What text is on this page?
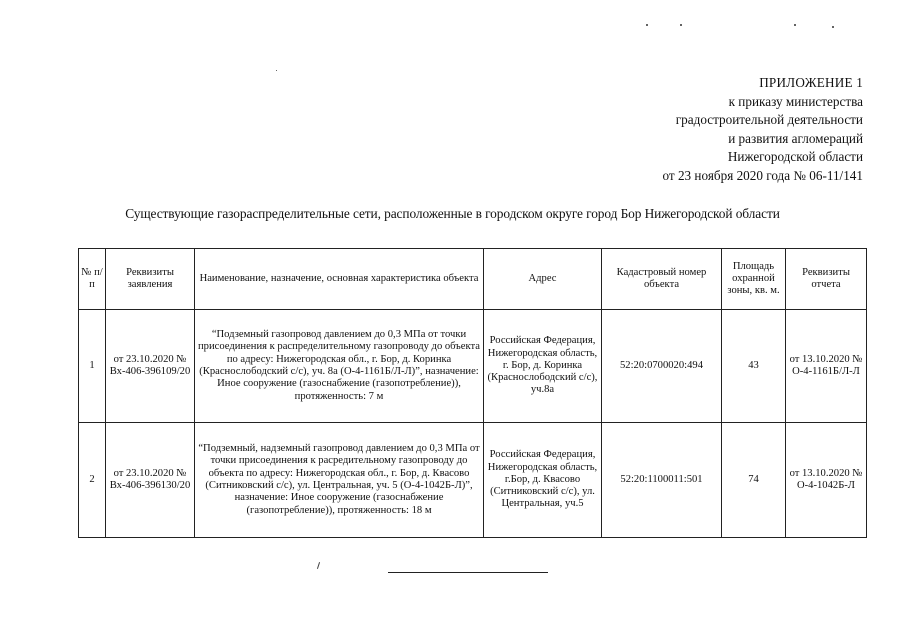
ПРИЛОЖЕНИЕ 1
к приказу министерства
градостроительной деятельности
и развития агломераций
Нижегородской области
от 23 ноября 2020 года № 06-11/141
Существующие газораспределительные сети, расположенные в городском округе город Бор Нижегородской области
№ п/п	Реквизиты заявления	Наименование, назначение, основная характеристика объекта	Адрес	Кадастровый номер объекта	Площадь охранной зоны, кв. м.	Реквизиты отчета
1	от 23.10.2020 № Вх-406-396109/20	“Подземный газопровод давлением до 0,3 МПа от точки присоединения к распределительному газопроводу до объекта по адресу: Нижегородская обл., г. Бор, д. Коринка (Краснослободский с/с), уч. 8а (О-4-1161Б/Л-Л)”, назначение: Иное сооружение (газоснабжение (газопотребление)), протяженность: 7 м	Российская Федерация, Нижегородская область, г. Бор, д. Коринка (Краснослободский с/с), уч.8а	52:20:0700020:494	43	от 13.10.2020 № О-4-1161Б/Л-Л
2	от 23.10.2020 № Вх-406-396130/20	“Подземный, надземный газопровод давлением до 0,3 МПа от точки присоединения к расредительному газопроводу до объекта по адресу: Нижегородская обл., г. Бор, д. Квасово (Ситниковский с/с), ул. Центральная, уч. 5 (О-4-1042Б-Л)”, назначение: Иное сооружение (газоснабжение (газопотребление)), протяженность: 18 м	Российская Федерация, Нижегородская область, г.Бор, д. Квасово (Ситниковский с/с), ул. Центральная, уч.5	52:20:1100011:501	74	от 13.10.2020 № О-4-1042Б-Л
